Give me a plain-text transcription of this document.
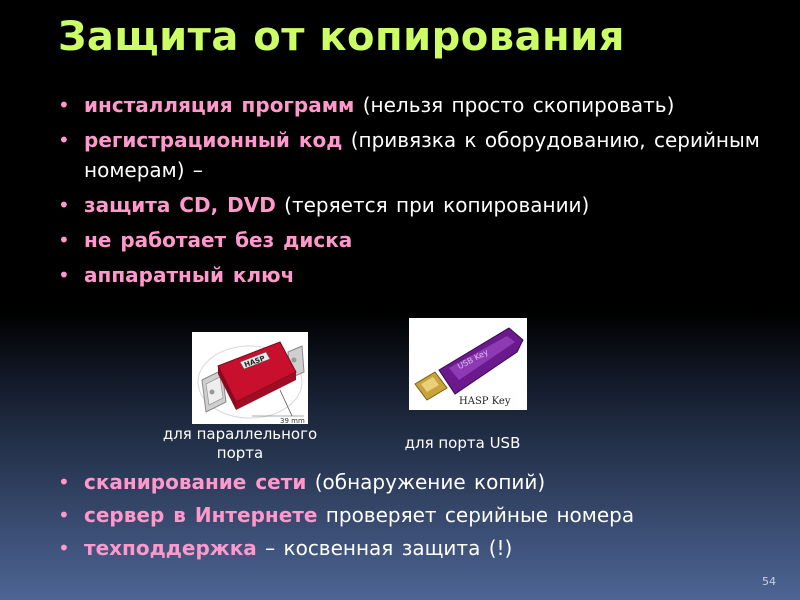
Защита от копирования
• инсталляция программ (нельзя просто скопировать)
• регистрационный код (привязка к оборудованию, серийным номерам) –
• защита CD, DVD (теряется при копировании)
• не работает без диска
• аппаратный ключ
HASP
39 mm
USB Key
HASP Key
для параллельного порта
для порта USB
• сканирование сети (обнаружение копий)
• сервер в Интернете проверяет серийные номера
• техподдержка – косвенная защита (!)
54
